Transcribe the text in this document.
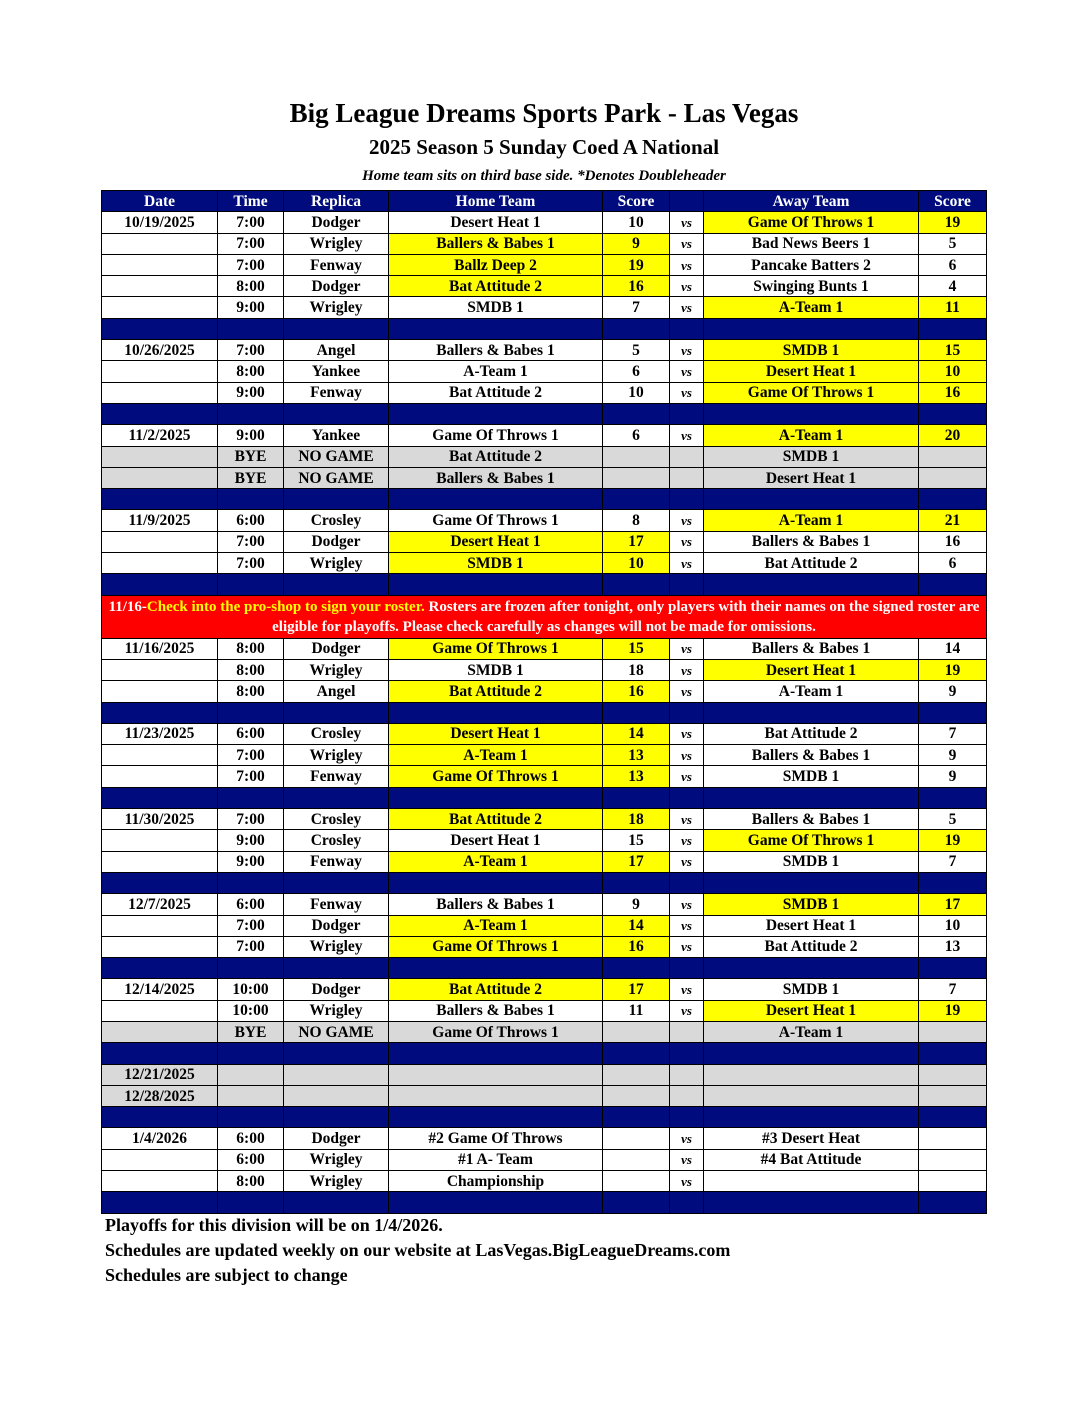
Big League Dreams Sports Park - Las Vegas
2025 Season 5 Sunday Coed A National
Home team sits on third base side. *Denotes Doubleheader
Date	Time	Replica	Home Team	Score		Away Team	Score
10/19/2025	7:00	Dodger	Desert Heat 1	10	vs	Game Of Throws 1	19
	7:00	Wrigley	Ballers & Babes 1	9	vs	Bad News Beers 1	5
	7:00	Fenway	Ballz Deep 2	19	vs	Pancake Batters 2	6
	8:00	Dodger	Bat Attitude 2	16	vs	Swinging Bunts 1	4
	9:00	Wrigley	SMDB 1	7	vs	A-Team 1	11

10/26/2025	7:00	Angel	Ballers & Babes 1	5	vs	SMDB 1	15
	8:00	Yankee	A-Team 1	6	vs	Desert Heat 1	10
	9:00	Fenway	Bat Attitude 2	10	vs	Game Of Throws 1	16

11/2/2025	9:00	Yankee	Game Of Throws 1	6	vs	A-Team 1	20
	BYE	NO GAME	Bat Attitude 2			SMDB 1	
	BYE	NO GAME	Ballers & Babes 1			Desert Heat 1	

11/9/2025	6:00	Crosley	Game Of Throws 1	8	vs	A-Team 1	21
	7:00	Dodger	Desert Heat 1	17	vs	Ballers & Babes 1	16
	7:00	Wrigley	SMDB 1	10	vs	Bat Attitude 2	6

11/16-Check into the pro-shop to sign your roster. Rosters are frozen after tonight, only players with their names on the signed roster are eligible for playoffs. Please check carefully as changes will not be made for omissions.							
11/16/2025	8:00	Dodger	Game Of Throws 1	15	vs	Ballers & Babes 1	14
	8:00	Wrigley	SMDB 1	18	vs	Desert Heat 1	19
	8:00	Angel	Bat Attitude 2	16	vs	A-Team 1	9

11/23/2025	6:00	Crosley	Desert Heat 1	14	vs	Bat Attitude 2	7
	7:00	Wrigley	A-Team 1	13	vs	Ballers & Babes 1	9
	7:00	Fenway	Game Of Throws 1	13	vs	SMDB 1	9

11/30/2025	7:00	Crosley	Bat Attitude 2	18	vs	Ballers & Babes 1	5
	9:00	Crosley	Desert Heat 1	15	vs	Game Of Throws 1	19
	9:00	Fenway	A-Team 1	17	vs	SMDB 1	7

12/7/2025	6:00	Fenway	Ballers & Babes 1	9	vs	SMDB 1	17
	7:00	Dodger	A-Team 1	14	vs	Desert Heat 1	10
	7:00	Wrigley	Game Of Throws 1	16	vs	Bat Attitude 2	13

12/14/2025	10:00	Dodger	Bat Attitude 2	17	vs	SMDB 1	7
	10:00	Wrigley	Ballers & Babes 1	11	vs	Desert Heat 1	19
	BYE	NO GAME	Game Of Throws 1			A-Team 1	

12/21/2025							
12/28/2025							

1/4/2026	6:00	Dodger	#2 Game Of Throws		vs	#3 Desert Heat	
	6:00	Wrigley	#1 A- Team		vs	#4 Bat Attitude	
	8:00	Wrigley	Championship		vs		

Playoffs for this division will be on 1/4/2026.
Schedules are updated weekly on our website at LasVegas.BigLeagueDreams.com
Schedules are subject to change
